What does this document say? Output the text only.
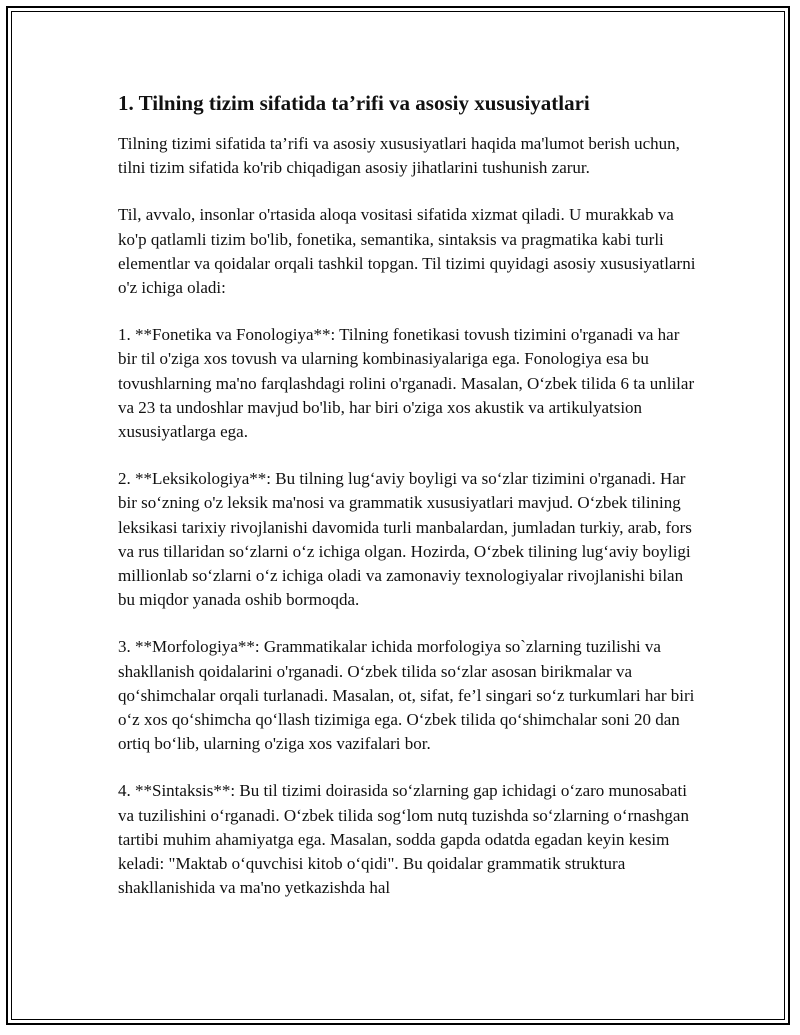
1. Tilning tizim sifatida ta’rifi va asosiy xususiyatlari

Tilning tizimi sifatida ta’rifi va asosiy xususiyatlari haqida ma'lumot berish uchun, tilni tizim sifatida ko'rib chiqadigan asosiy jihatlarini tushunish zarur.

Til, avvalo, insonlar o'rtasida aloqa vositasi sifatida xizmat qiladi. U murakkab va ko'p qatlamli tizim bo'lib, fonetika, semantika, sintaksis va pragmatika kabi turli elementlar va qoidalar orqali tashkil topgan. Til tizimi quyidagi asosiy xususiyatlarni o'z ichiga oladi:

1. **Fonetika va Fonologiya**: Tilning fonetikasi tovush tizimini o'rganadi va har bir til o'ziga xos tovush va ularning kombinasiyalariga ega. Fonologiya esa bu tovushlarning ma'no farqlashdagi rolini o'rganadi. Masalan, O‘zbek tilida 6 ta unlilar va 23 ta undoshlar mavjud bo'lib, har biri o'ziga xos akustik va artikulyatsion xususiyatlarga ega.

2. **Leksikologiya**: Bu tilning lug‘aviy boyligi va so‘zlar tizimini o'rganadi. Har bir so‘zning o'z leksik ma'nosi va grammatik xususiyatlari mavjud. O‘zbek tilining leksikasi tarixiy rivojlanishi davomida turli manbalardan, jumladan turkiy, arab, fors va rus tillaridan so‘zlarni o‘z ichiga olgan. Hozirda, O‘zbek tilining lug‘aviy boyligi millionlab so‘zlarni o‘z ichiga oladi va zamonaviy texnologiyalar rivojlanishi bilan bu miqdor yanada oshib bormoqda.

3. **Morfologiya**: Grammatikalar ichida morfologiya so`zlarning tuzilishi va shakllanish qoidalarini o'rganadi. O‘zbek tilida so‘zlar asosan birikmalar va qo‘shimchalar orqali turlanadi. Masalan, ot, sifat, fe’l singari so‘z turkumlari har biri o‘z xos qo‘shimcha qo‘llash tizimiga ega. O‘zbek tilida qo‘shimchalar soni 20 dan ortiq bo‘lib, ularning o'ziga xos vazifalari bor.

4. **Sintaksis**: Bu til tizimi doirasida so‘zlarning gap ichidagi o‘zaro munosabati va tuzilishini o‘rganadi. O‘zbek tilida sog‘lom nutq tuzishda so‘zlarning o‘rnashgan tartibi muhim ahamiyatga ega. Masalan, sodda gapda odatda egadan keyin kesim keladi: "Maktab o‘quvchisi kitob o‘qidi". Bu qoidalar grammatik struktura shakllanishida va ma'no yetkazishda hal
